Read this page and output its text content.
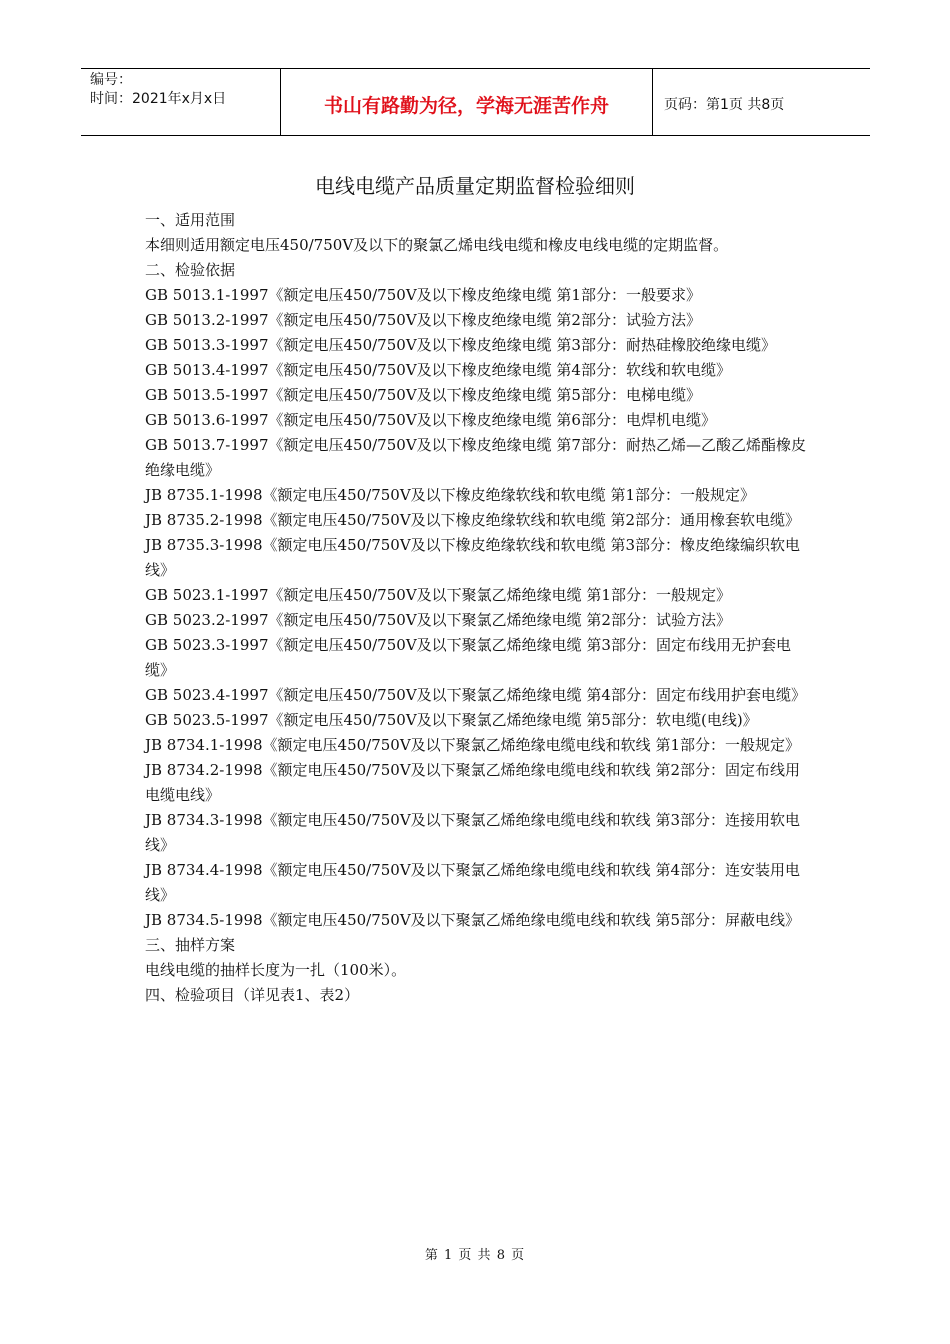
编号：
时间：2021年x月x日	书山有路勤为径，学海无涯苦作舟	页码：第1页 共8页
电线电缆产品质量定期监督检验细则

一、适用范围

本细则适用额定电压450/750V及以下的聚氯乙烯电线电缆和橡皮电线电缆的定期监督。

二、检验依据

GB 5013.1-1997《额定电压450/750V及以下橡皮绝缘电缆 第1部分：一般要求》

GB 5013.2-1997《额定电压450/750V及以下橡皮绝缘电缆 第2部分：试验方法》

GB 5013.3-1997《额定电压450/750V及以下橡皮绝缘电缆 第3部分：耐热硅橡胶绝缘电缆》

GB 5013.4-1997《额定电压450/750V及以下橡皮绝缘电缆 第4部分：软线和软电缆》

GB 5013.5-1997《额定电压450/750V及以下橡皮绝缘电缆 第5部分：电梯电缆》

GB 5013.6-1997《额定电压450/750V及以下橡皮绝缘电缆 第6部分：电焊机电缆》

GB 5013.7-1997《额定电压450/750V及以下橡皮绝缘电缆 第7部分：耐热乙烯—乙酸乙烯酯橡皮绝缘电缆》

JB 8735.1-1998《额定电压450/750V及以下橡皮绝缘软线和软电缆 第1部分：一般规定》

JB 8735.2-1998《额定电压450/750V及以下橡皮绝缘软线和软电缆 第2部分：通用橡套软电缆》

JB 8735.3-1998《额定电压450/750V及以下橡皮绝缘软线和软电缆 第3部分：橡皮绝缘编织软电线》

GB 5023.1-1997《额定电压450/750V及以下聚氯乙烯绝缘电缆 第1部分：一般规定》

GB 5023.2-1997《额定电压450/750V及以下聚氯乙烯绝缘电缆 第2部分：试验方法》

GB 5023.3-1997《额定电压450/750V及以下聚氯乙烯绝缘电缆 第3部分：固定布线用无护套电缆》

GB 5023.4-1997《额定电压450/750V及以下聚氯乙烯绝缘电缆 第4部分：固定布线用护套电缆》

GB 5023.5-1997《额定电压450/750V及以下聚氯乙烯绝缘电缆 第5部分：软电缆(电线)》

JB 8734.1-1998《额定电压450/750V及以下聚氯乙烯绝缘电缆电线和软线 第1部分：一般规定》

JB 8734.2-1998《额定电压450/750V及以下聚氯乙烯绝缘电缆电线和软线 第2部分：固定布线用电缆电线》

JB 8734.3-1998《额定电压450/750V及以下聚氯乙烯绝缘电缆电线和软线 第3部分：连接用软电线》

JB 8734.4-1998《额定电压450/750V及以下聚氯乙烯绝缘电缆电线和软线 第4部分：连安装用电线》

JB 8734.5-1998《额定电压450/750V及以下聚氯乙烯绝缘电缆电线和软线 第5部分：屏蔽电线》

三、抽样方案

电线电缆的抽样长度为一扎（100米）。

四、检验项目（详见表1、表2）

第 1 页 共 8 页
